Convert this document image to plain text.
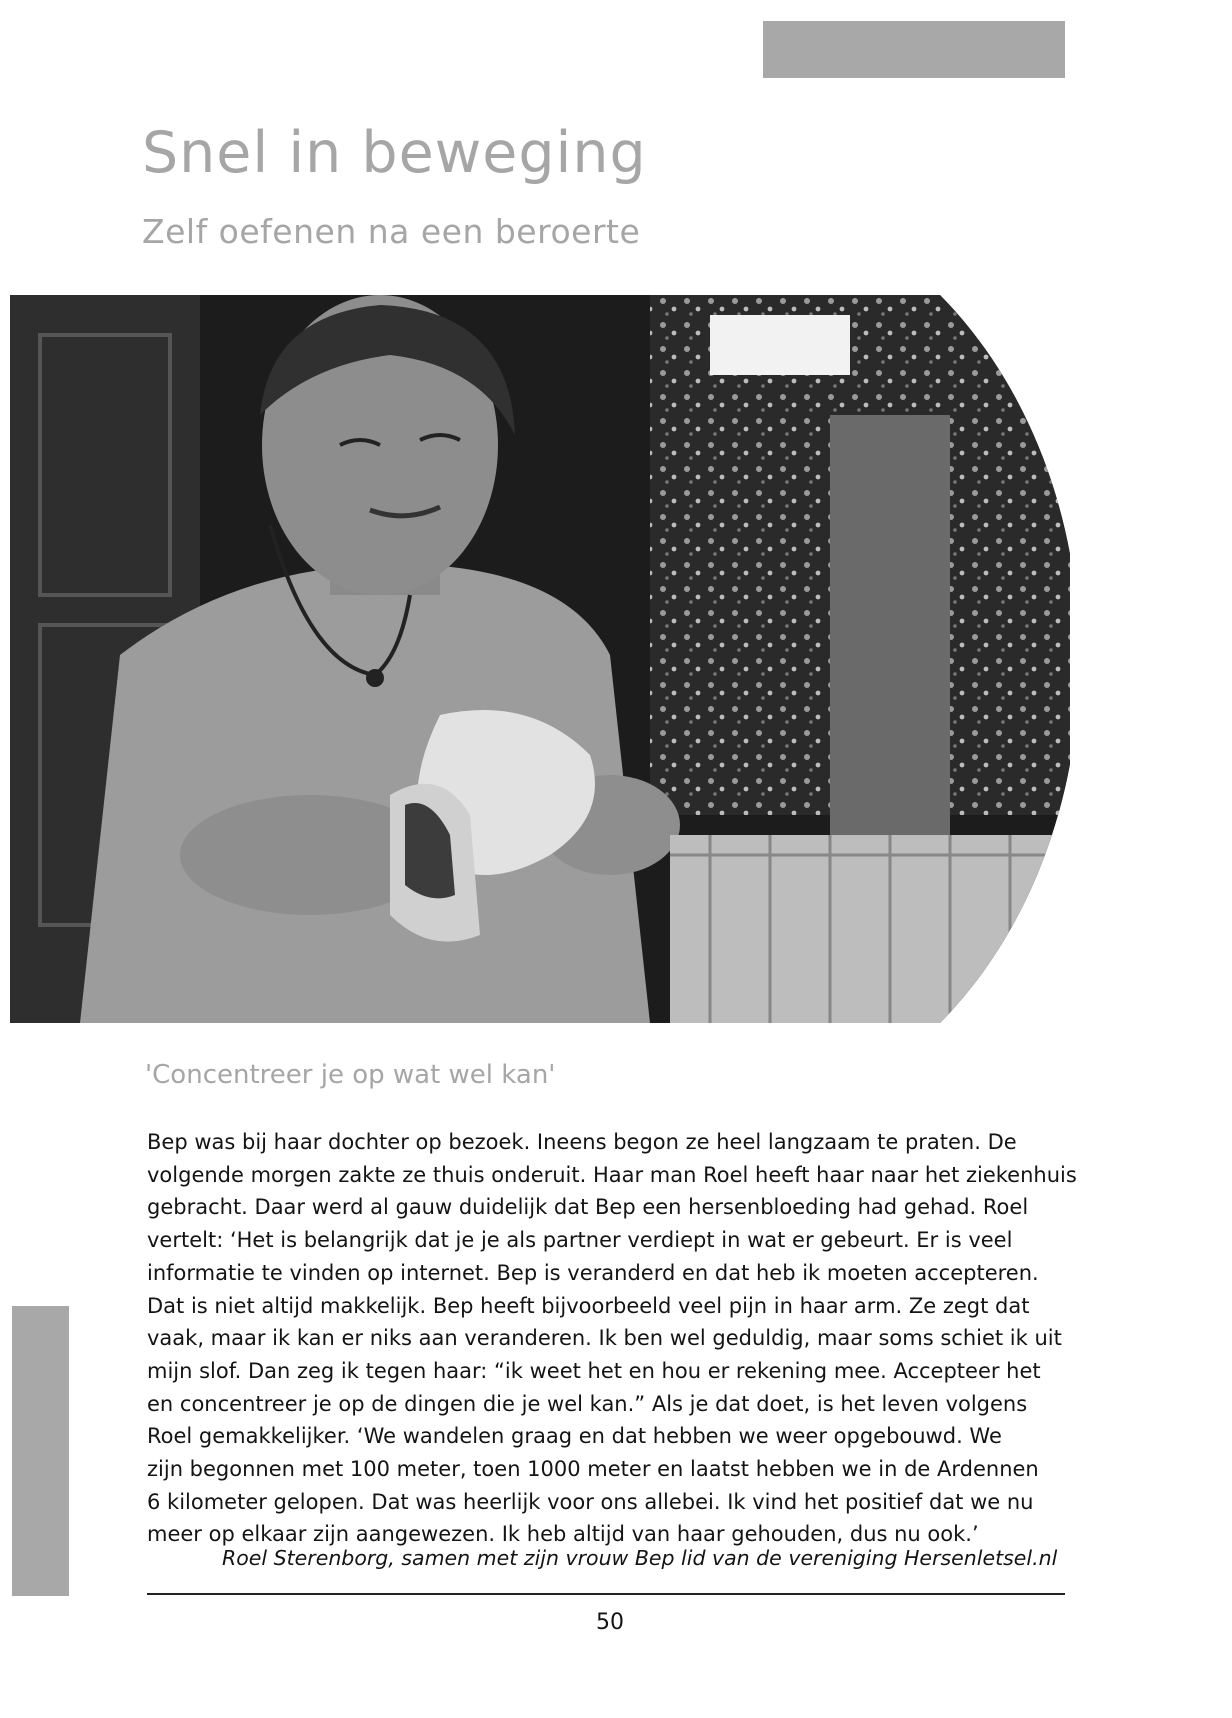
Snel in beweging
Zelf oefenen na een beroerte

'Concentreer je op wat wel kan'

Bep was bij haar dochter op bezoek. Ineens begon ze heel langzaam te praten. De
volgende morgen zakte ze thuis onderuit. Haar man Roel heeft haar naar het ziekenhuis
gebracht. Daar werd al gauw duidelijk dat Bep een hersenbloeding had gehad. Roel
vertelt: ‘Het is belangrijk dat je je als partner verdiept in wat er gebeurt. Er is veel
informatie te vinden op internet. Bep is veranderd en dat heb ik moeten accepteren.
Dat is niet altijd makkelijk. Bep heeft bijvoorbeeld veel pijn in haar arm. Ze zegt dat
vaak, maar ik kan er niks aan veranderen. Ik ben wel geduldig, maar soms schiet ik uit
mijn slof. Dan zeg ik tegen haar: “ik weet het en hou er rekening mee. Accepteer het
en concentreer je op de dingen die je wel kan.” Als je dat doet, is het leven volgens
Roel gemakkelijker. ‘We wandelen graag en dat hebben we weer opgebouwd. We
zijn begonnen met 100 meter, toen 1000 meter en laatst hebben we in de Ardennen
6 kilometer gelopen. Dat was heerlijk voor ons allebei. Ik vind het positief dat we nu
meer op elkaar zijn aangewezen. Ik heb altijd van haar gehouden, dus nu ook.’

Roel Sterenborg, samen met zijn vrouw Bep lid van de vereniging Hersenletsel.nl

50
